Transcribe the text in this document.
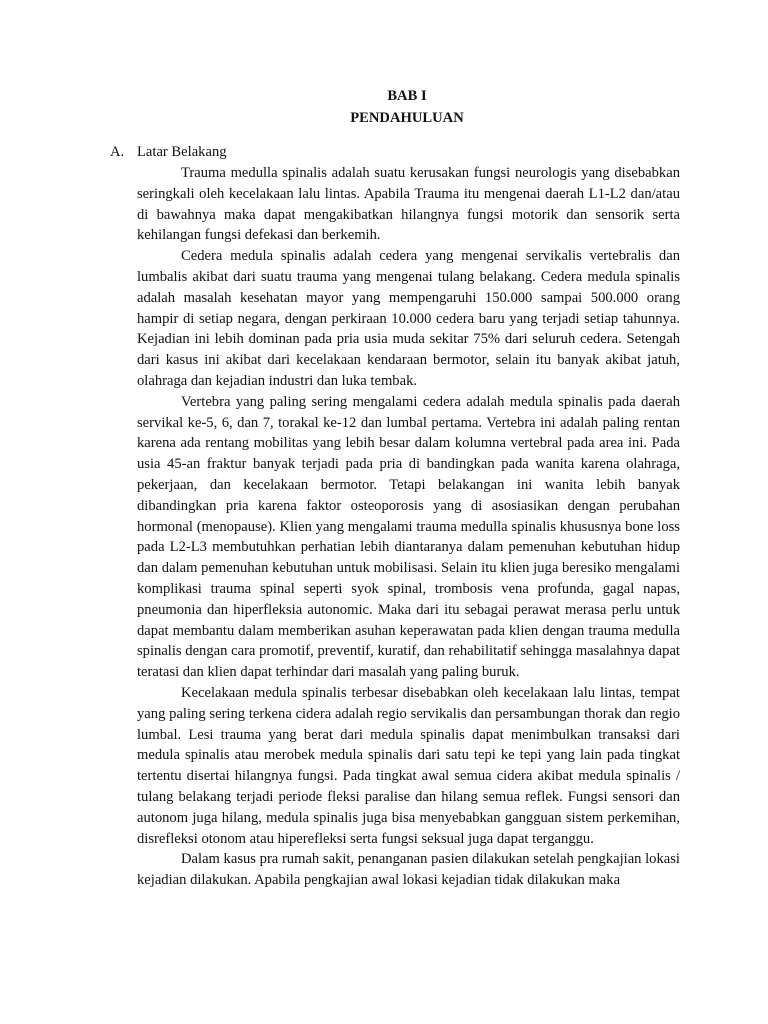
BAB I
PENDAHULUAN
A. Latar Belakang

Trauma medulla spinalis adalah suatu kerusakan fungsi neurologis yang disebabkan seringkali oleh kecelakaan lalu lintas. Apabila Trauma itu mengenai daerah L1-L2 dan/atau di bawahnya maka dapat mengakibatkan hilangnya fungsi motorik dan sensorik serta kehilangan fungsi defekasi dan berkemih.

Cedera medula spinalis adalah cedera yang mengenai servikalis vertebralis dan lumbalis akibat dari suatu trauma yang mengenai tulang belakang. Cedera medula spinalis adalah masalah kesehatan mayor yang mempengaruhi 150.000 sampai 500.000 orang hampir di setiap negara, dengan perkiraan 10.000 cedera baru yang terjadi setiap tahunnya. Kejadian ini lebih dominan pada pria usia muda sekitar 75% dari seluruh cedera. Setengah dari kasus ini akibat dari kecelakaan kendaraan bermotor, selain itu banyak akibat jatuh, olahraga dan kejadian industri dan luka tembak.

Vertebra yang paling sering mengalami cedera adalah medula spinalis pada daerah servikal ke-5, 6, dan 7, torakal ke-12 dan lumbal pertama. Vertebra ini adalah paling rentan karena ada rentang mobilitas yang lebih besar dalam kolumna vertebral pada area ini. Pada usia 45-an fraktur banyak terjadi pada pria di bandingkan pada wanita karena olahraga, pekerjaan, dan kecelakaan bermotor. Tetapi belakangan ini wanita lebih banyak dibandingkan pria karena faktor osteoporosis yang di asosiasikan dengan perubahan hormonal (menopause). Klien yang mengalami trauma medulla spinalis khususnya bone loss pada L2-L3 membutuhkan perhatian lebih diantaranya dalam pemenuhan kebutuhan hidup dan dalam pemenuhan kebutuhan untuk mobilisasi. Selain itu klien juga beresiko mengalami komplikasi trauma spinal seperti syok spinal, trombosis vena profunda, gagal napas, pneumonia dan hiperfleksia autonomic. Maka dari itu sebagai perawat merasa perlu untuk dapat membantu dalam memberikan asuhan keperawatan pada klien dengan trauma medulla spinalis dengan cara promotif, preventif, kuratif, dan rehabilitatif sehingga masalahnya dapat teratasi dan klien dapat terhindar dari masalah yang paling buruk.

Kecelakaan medula spinalis terbesar disebabkan oleh kecelakaan lalu lintas, tempat yang paling sering terkena cidera adalah regio servikalis dan persambungan thorak dan regio lumbal. Lesi trauma yang berat dari medula spinalis dapat menimbulkan transaksi dari medula spinalis atau merobek medula spinalis dari satu tepi ke tepi yang lain pada tingkat tertentu disertai hilangnya fungsi. Pada tingkat awal semua cidera akibat medula spinalis / tulang belakang terjadi periode fleksi paralise dan hilang semua reflek. Fungsi sensori dan autonom juga hilang, medula spinalis juga bisa menyebabkan gangguan sistem perkemihan, disrefleksi otonom atau hiperefleksi serta fungsi seksual juga dapat terganggu.

Dalam kasus pra rumah sakit, penanganan pasien dilakukan setelah pengkajian lokasi kejadian dilakukan. Apabila pengkajian awal lokasi kejadian tidak dilakukan maka
